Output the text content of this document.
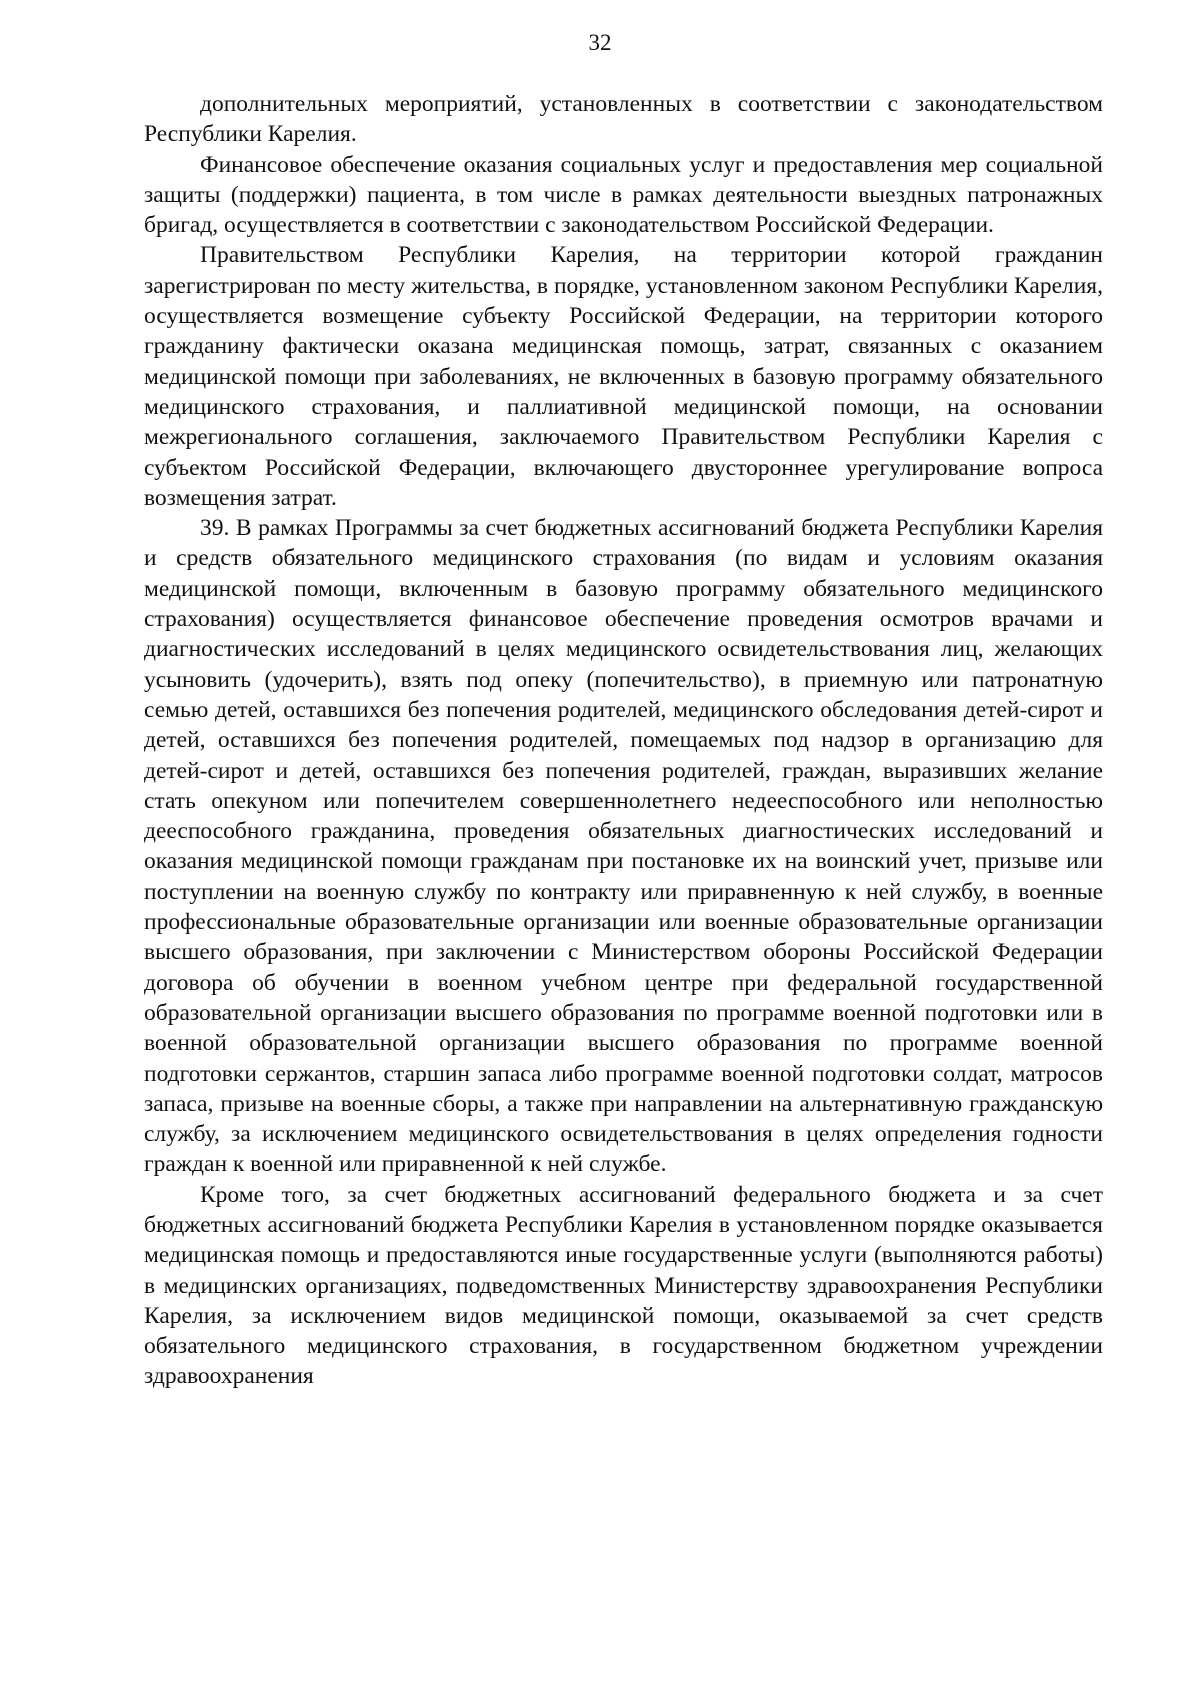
32

дополнительных мероприятий, установленных в соответствии с законодательством Республики Карелия.

Финансовое обеспечение оказания социальных услуг и предоставления мер социальной защиты (поддержки) пациента, в том числе в рамках деятельности выездных патронажных бригад, осуществляется в соответствии с законодательством Российской Федерации.

Правительством Республики Карелия, на территории которой гражданин зарегистрирован по месту жительства, в порядке, установленном законом Республики Карелия, осуществляется возмещение субъекту Российской Федерации, на территории которого гражданину фактически оказана медицинская помощь, затрат, связанных с оказанием медицинской помощи при заболеваниях, не включенных в базовую программу обязательного медицинского страхования, и паллиативной медицинской помощи, на основании межрегионального соглашения, заключаемого Правительством Республики Карелия с субъектом Российской Федерации, включающего двустороннее урегулирование вопроса возмещения затрат.

39. В рамках Программы за счет бюджетных ассигнований бюджета Республики Карелия и средств обязательного медицинского страхования (по видам и условиям оказания медицинской помощи, включенным в базовую программу обязательного медицинского страхования) осуществляется финансовое обеспечение проведения осмотров врачами и диагностических исследований в целях медицинского освидетельствования лиц, желающих усыновить (удочерить), взять под опеку (попечительство), в приемную или патронатную семью детей, оставшихся без попечения родителей, медицинского обследования детей-сирот и детей, оставшихся без попечения родителей, помещаемых под надзор в организацию для детей-сирот и детей, оставшихся без попечения родителей, граждан, выразивших желание стать опекуном или попечителем совершеннолетнего недееспособного или неполностью дееспособного гражданина, проведения обязательных диагностических исследований и оказания медицинской помощи гражданам при постановке их на воинский учет, призыве или поступлении на военную службу по контракту или приравненную к ней службу, в военные профессиональные образовательные организации или военные образовательные организации высшего образования, при заключении с Министерством обороны Российской Федерации договора об обучении в военном учебном центре при федеральной государственной образовательной организации высшего образования по программе военной подготовки или в военной образовательной организации высшего образования по программе военной подготовки сержантов, старшин запаса либо программе военной подготовки солдат, матросов запаса, призыве на военные сборы, а также при направлении на альтернативную гражданскую службу, за исключением медицинского освидетельствования в целях определения годности граждан к военной или приравненной к ней службе.

Кроме того, за счет бюджетных ассигнований федерального бюджета и за счет бюджетных ассигнований бюджета Республики Карелия в установленном порядке оказывается медицинская помощь и предоставляются иные государственные услуги (выполняются работы) в медицинских организациях, подведомственных Министерству здравоохранения Республики Карелия, за исключением видов медицинской помощи, оказываемой за счет средств обязательного медицинского страхования, в государственном бюджетном учреждении здравоохранения
